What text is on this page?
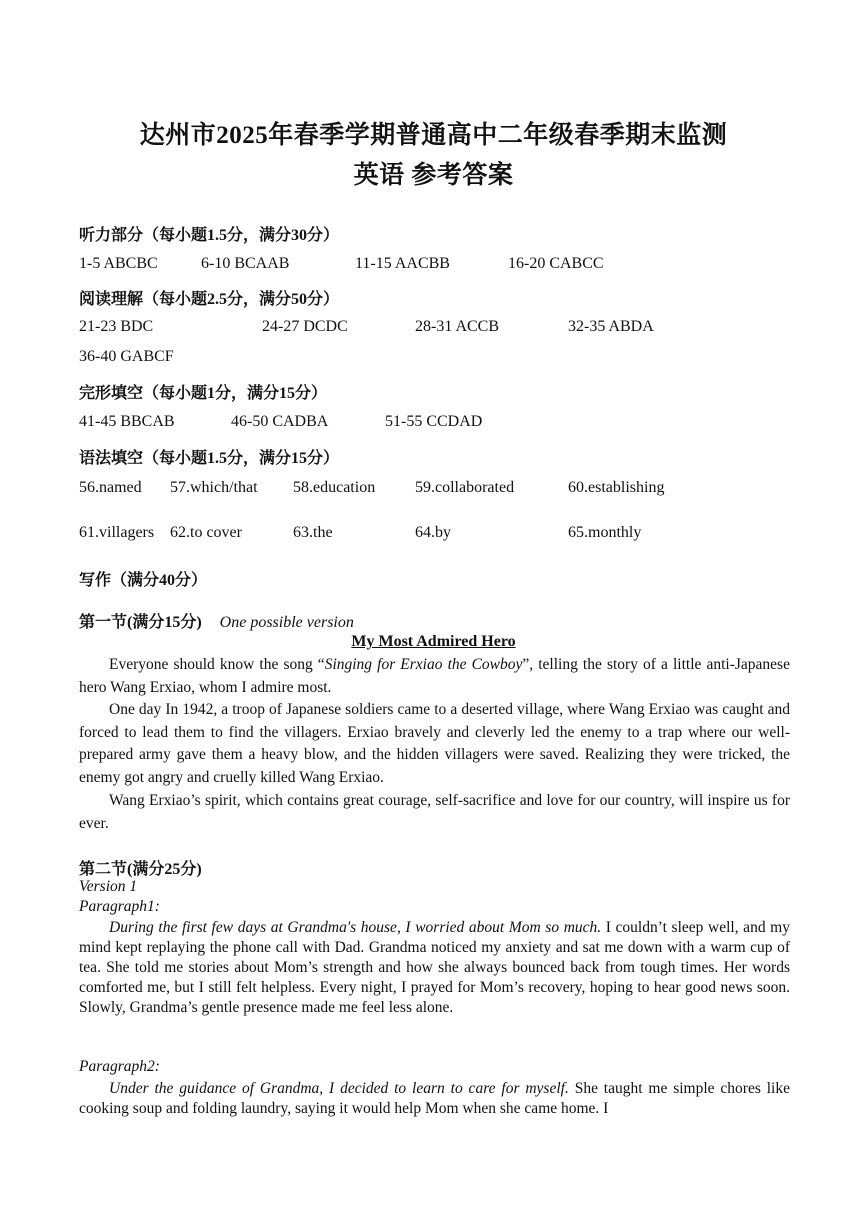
达州市2025年春季学期普通高中二年级春季期末监测
英语 参考答案
听力部分（每小题1.5分，满分30分）
1-5 ABCBC	6-10 BCAAB	11-15 AACBB	16-20 CABCC
阅读理解（每小题2.5分，满分50分）
21-23 BDC	24-27 DCDC	28-31 ACCB	32-35 ABDA
36-40 GABCF
完形填空（每小题1分，满分15分）
41-45 BBCAB	46-50 CADBA	51-55 CCDAD
语法填空（每小题1.5分，满分15分）
56.named 57.which/that 58.education 59.collaborated	60.establishing
61.villagers 62.to cover	63.the	64.by	65.monthly
写作（满分40分）
第一节(满分15分) One possible version
My Most Admired Hero

Everyone should know the song “Singing for Erxiao the Cowboy”, telling the story of a little anti-Japanese hero Wang Erxiao, whom I admire most.

One day In 1942, a troop of Japanese soldiers came to a deserted village, where Wang Erxiao was caught and forced to lead them to find the villagers. Erxiao bravely and cleverly led the enemy to a trap where our well-prepared army gave them a heavy blow, and the hidden villagers were saved. Realizing they were tricked, the enemy got angry and cruelly killed Wang Erxiao.

Wang Erxiao’s spirit, which contains great courage, self-sacrifice and love for our country, will inspire us for ever.

第二节(满分25分)
Version 1
Paragraph1:

During the first few days at Grandma's house, I worried about Mom so much. I couldn’t sleep well, and my mind kept replaying the phone call with Dad. Grandma noticed my anxiety and sat me down with a warm cup of tea. She told me stories about Mom’s strength and how she always bounced back from tough times. Her words comforted me, but I still felt helpless. Every night, I prayed for Mom’s recovery, hoping to hear good news soon. Slowly, Grandma’s gentle presence made me feel less alone.

Paragraph2:

Under the guidance of Grandma, I decided to learn to care for myself. She taught me simple chores like cooking soup and folding laundry, saying it would help Mom when she came home. I
